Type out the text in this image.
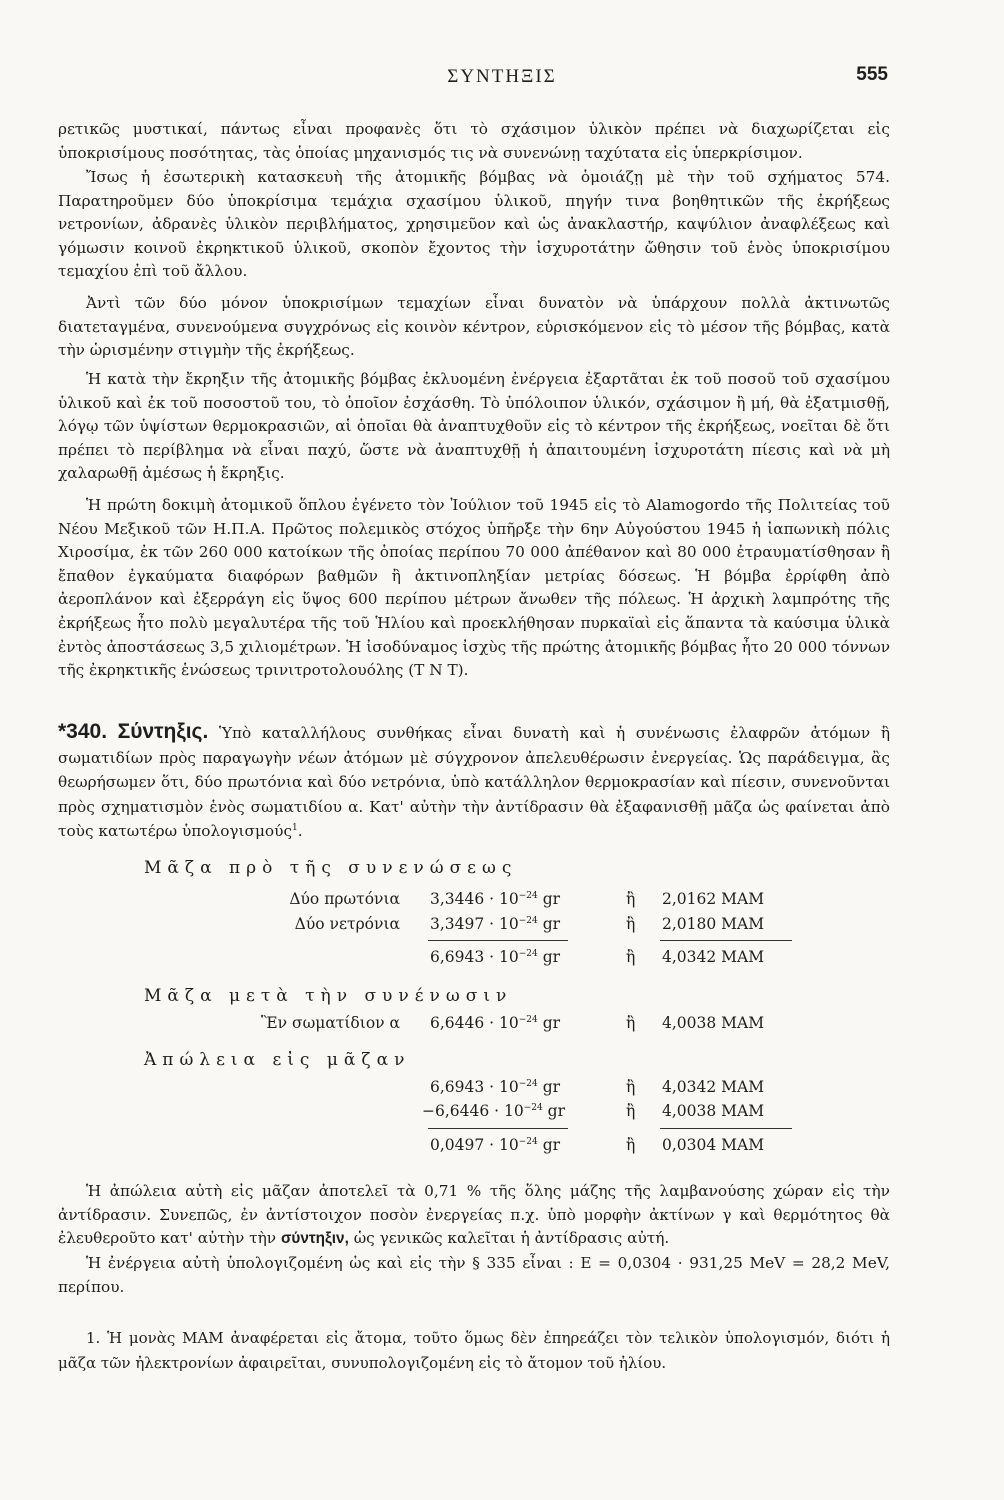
ΣΥΝΤΗΞΙΣ	555

ρετικῶς μυστικαί, πάντως εἶναι προφανὲς ὅτι τὸ σχάσιμον ὑλικὸν πρέπει νὰ διαχωρίζεται εἰς ὑποκρισίμους ποσότητας, τὰς ὁποίας μηχανισμός τις νὰ συνενώνῃ ταχύτατα εἰς ὑπερκρίσιμον.

Ἴσως ἡ ἐσωτερικὴ κατασκευὴ τῆς ἀτομικῆς βόμβας νὰ ὁμοιάζῃ μὲ τὴν τοῦ σχήματος 574. Παρατηροῦμεν δύο ὑποκρίσιμα τεμάχια σχασίμου ὑλικοῦ, πηγήν τινα βοηθητικῶν τῆς ἐκρήξεως νετρονίων, ἀδρανὲς ὑλικὸν περιβλήματος, χρησιμεῦον καὶ ὡς ἀνακλαστήρ, καψύλιον ἀναφλέξεως καὶ γόμωσιν κοινοῦ ἐκρηκτικοῦ ὑλικοῦ, σκοπὸν ἔχοντος τὴν ἰσχυροτάτην ὤθησιν τοῦ ἑνὸς ὑποκρισίμου τεμαχίου ἐπὶ τοῦ ἄλλου.

Ἀντὶ τῶν δύο μόνον ὑποκρισίμων τεμαχίων εἶναι δυνατὸν νὰ ὑπάρχουν πολλὰ ἀκτινωτῶς διατεταγμένα, συνενούμενα συγχρόνως εἰς κοινὸν κέντρον, εὑρισκόμενον εἰς τὸ μέσον τῆς βόμβας, κατὰ τὴν ὡρισμένην στιγμὴν τῆς ἐκρήξεως.

Ἡ κατὰ τὴν ἔκρηξιν τῆς ἀτομικῆς βόμβας ἐκλυομένη ἐνέργεια ἐξαρτᾶται ἐκ τοῦ ποσοῦ τοῦ σχασίμου ὑλικοῦ καὶ ἐκ τοῦ ποσοστοῦ του, τὸ ὁποῖον ἐσχάσθη. Τὸ ὑπόλοιπον ὑλικόν, σχάσιμον ἢ μή, θὰ ἐξατμισθῇ, λόγῳ τῶν ὑψίστων θερμοκρασιῶν, αἱ ὁποῖαι θὰ ἀναπτυχθοῦν εἰς τὸ κέντρον τῆς ἐκρήξεως, νοεῖται δὲ ὅτι πρέπει τὸ περίβλημα νὰ εἶναι παχύ, ὥστε νὰ ἀναπτυχθῇ ἡ ἀπαιτουμένη ἰσχυροτάτη πίεσις καὶ νὰ μὴ χαλαρωθῇ ἀμέσως ἡ ἔκρηξις.

Ἡ πρώτη δοκιμὴ ἀτομικοῦ ὅπλου ἐγένετο τὸν Ἰούλιον τοῦ 1945 εἰς τὸ Alamogordo τῆς Πολιτείας τοῦ Νέου Μεξικοῦ τῶν Η.Π.Α. Πρῶτος πολεμικὸς στόχος ὑπῆρξε τὴν 6ην Αὐγούστου 1945 ἡ ἰαπωνικὴ πόλις Χιροσίμα, ἐκ τῶν 260 000 κατοίκων τῆς ὁποίας περίπου 70 000 ἀπέθανον καὶ 80 000 ἐτραυματίσθησαν ἢ ἔπαθον ἐγκαύματα διαφόρων βαθμῶν ἢ ἀκτινοπληξίαν μετρίας δόσεως. Ἡ βόμβα ἐρρίφθη ἀπὸ ἀεροπλάνον καὶ ἐξερράγη εἰς ὕψος 600 περίπου μέτρων ἄνωθεν τῆς πόλεως. Ἡ ἀρχικὴ λαμπρότης τῆς ἐκρήξεως ἦτο πολὺ μεγαλυτέρα τῆς τοῦ Ἡλίου καὶ προεκλήθησαν πυρκαϊαὶ εἰς ἅπαντα τὰ καύσιμα ὑλικὰ ἐντὸς ἀποστάσεως 3,5 χιλιομέτρων. Ἡ ἰσοδύναμος ἰσχὺς τῆς πρώτης ἀτομικῆς βόμβας ἦτο 20 000 τόννων τῆς ἐκρηκτικῆς ἑνώσεως τρινιτροτολουόλης (T N T).

*340. Σύντηξις. Ὑπὸ καταλλήλους συνθήκας εἶναι δυνατὴ καὶ ἡ συνένωσις ἐλαφρῶν ἀτόμων ἢ σωματιδίων πρὸς παραγωγὴν νέων ἀτόμων μὲ σύγχρονον ἀπελευθέρωσιν ἐνεργείας. Ὡς παράδειγμα, ἂς θεωρήσωμεν ὅτι, δύο πρωτόνια καὶ δύο νετρόνια, ὑπὸ κατάλληλον θερμοκρασίαν καὶ πίεσιν, συνενοῦνται πρὸς σχηματισμὸν ἑνὸς σωματιδίου α. Κατ' αὐτὴν τὴν ἀντίδρασιν θὰ ἐξαφανισθῇ μᾶζα ὡς φαίνεται ἀπὸ τοὺς κατωτέρω ὑπολογισμούς$^1$.

Μᾶζα πρὸ τῆς συνενώσεως
Δύο πρωτόνια $3,3446 \cdot 10^{-24}$ gr	ἢ 2,0162 MAM
Δύο νετρόνια $3,3497 \cdot 10^{-24}$ gr	ἢ 2,0180 MAM
$6,6943 \cdot 10^{-24}$ gr	ἢ 4,0342 MAM
Μᾶζα μετὰ τὴν συνένωσιν
Ἓν σωματίδιον α $6,6446 \cdot 10^{-24}$ gr	ἢ 4,0038 MAM
Ἀπώλεια εἰς μᾶζαν
$6,6943 \cdot 10^{-24}$ gr	ἢ 4,0342 MAM
$-6,6446 \cdot 10^{-24}$ gr	ἢ 4,0038 MAM
$0,0497 \cdot 10^{-24}$ gr	ἢ 0,0304 MAM

Ἡ ἀπώλεια αὐτὴ εἰς μᾶζαν ἀποτελεῖ τὰ 0,71 % τῆς ὅλης μάζης τῆς λαμβανούσης χώραν εἰς τὴν ἀντίδρασιν. Συνεπῶς, ἐν ἀντίστοιχον ποσὸν ἐνεργείας π.χ. ὑπὸ μορφὴν ἀκτίνων γ καὶ θερμότητος θὰ ἐλευθεροῦτο κατ' αὐτὴν τὴν σύντηξιν, ὡς γενικῶς καλεῖται ἡ ἀντίδρασις αὐτή.

Ἡ ἐνέργεια αὐτὴ ὑπολογιζομένη ὡς καὶ εἰς τὴν § 335 εἶναι : E = 0,0304 · 931,25 MeV = 28,2 MeV, περίπου.

1. Ἡ μονὰς MAM ἀναφέρεται εἰς ἄτομα, τοῦτο ὅμως δὲν ἐπηρεάζει τὸν τελικὸν ὑπολογισμόν, διότι ἡ μᾶζα τῶν ἠλεκτρονίων ἀφαιρεῖται, συνυπολογιζομένη εἰς τὸ ἄτομον τοῦ ἡλίου.
